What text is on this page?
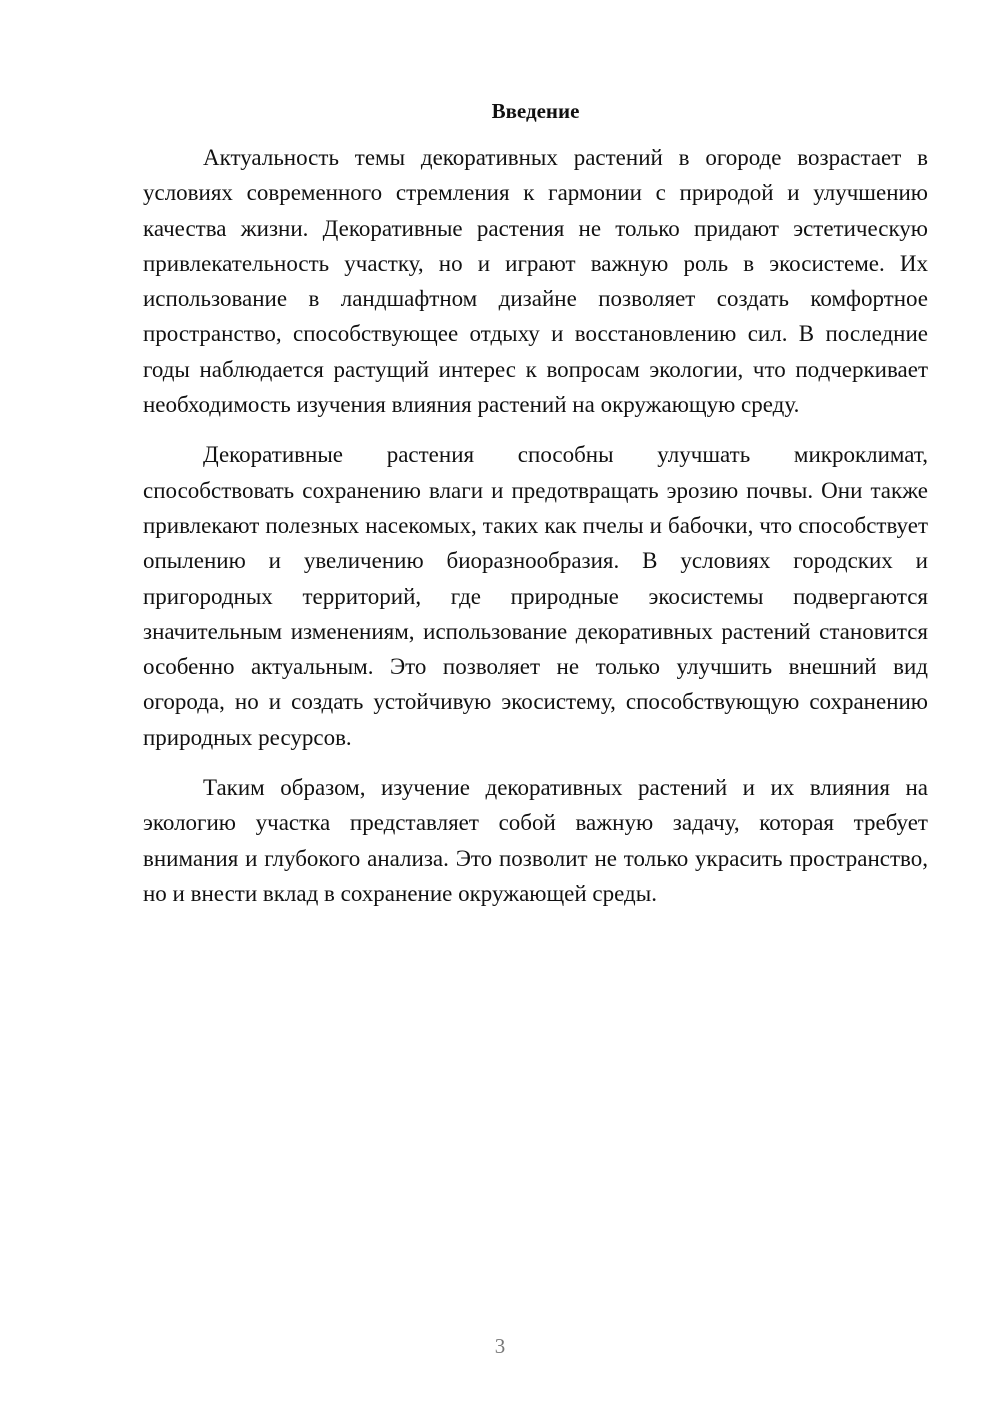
Введение

Актуальность темы декоративных растений в огороде возрастает в условиях современного стремления к гармонии с природой и улучшению качества жизни. Декоративные растения не только придают эстетическую привлекательность участку, но и играют важную роль в экосистеме. Их использование в ландшафтном дизайне позволяет создать комфортное пространство, способствующее отдыху и восстановлению сил. В последние годы наблюдается растущий интерес к вопросам экологии, что подчеркивает необходимость изучения влияния растений на окружающую среду.

Декоративные растения способны улучшать микроклимат, способствовать сохранению влаги и предотвращать эрозию почвы. Они также привлекают полезных насекомых, таких как пчелы и бабочки, что способствует опылению и увеличению биоразнообразия. В условиях городских и пригородных территорий, где природные экосистемы подвергаются значительным изменениям, использование декоративных растений становится особенно актуальным. Это позволяет не только улучшить внешний вид огорода, но и создать устойчивую экосистему, способствующую сохранению природных ресурсов.

Таким образом, изучение декоративных растений и их влияния на экологию участка представляет собой важную задачу, которая требует внимания и глубокого анализа. Это позволит не только украсить пространство, но и внести вклад в сохранение окружающей среды.

3
